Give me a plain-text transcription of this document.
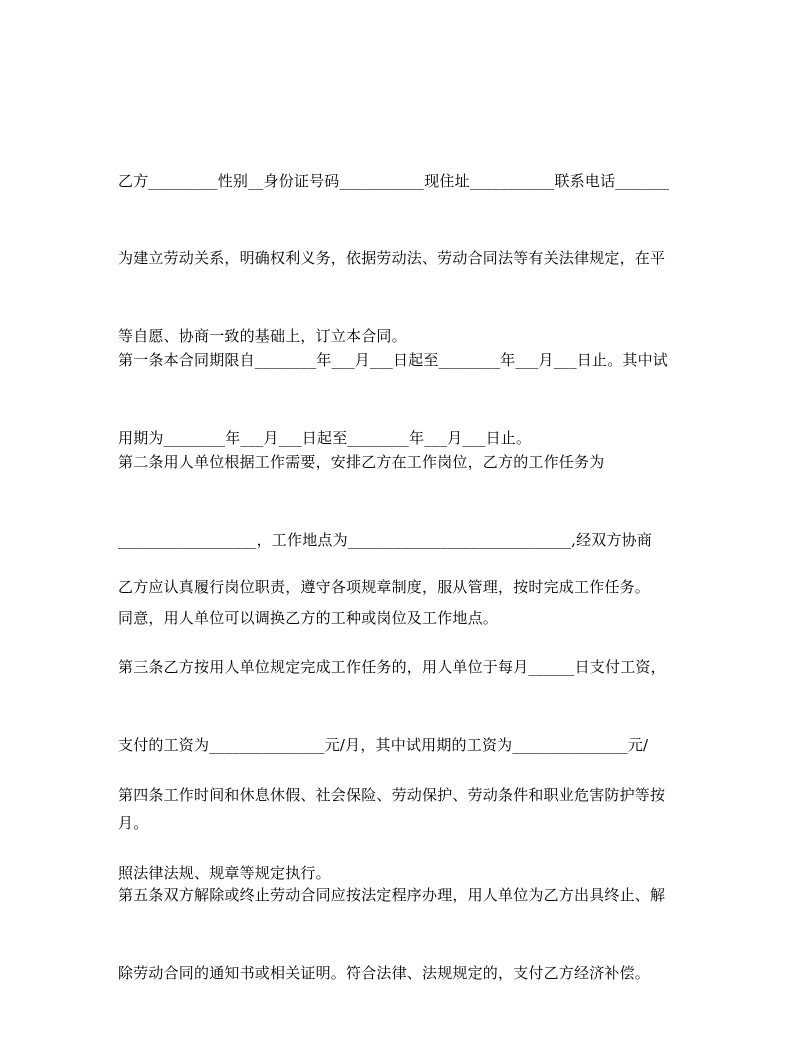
乙方_________性别__身份证号码___________现住址___________联系电话_______

为建立劳动关系，明确权利义务，依据劳动法、劳动合同法等有关法律规定，在平

等自愿、协商一致的基础上，订立本合同。

第一条本合同期限自________年___月___日起至________年___月___日止。其中试

用期为________年___月___日起至________年___月___日止。

第二条用人单位根据工作需要，安排乙方在工作岗位，乙方的工作任务为

__________________，工作地点为_____________________________,经双方协商

同意，用人单位可以调换乙方的工种或岗位及工作地点。

乙方应认真履行岗位职责，遵守各项规章制度，服从管理，按时完成工作任务。

第三条乙方按用人单位规定完成工作任务的，用人单位于每月______日支付工资，

支付的工资为_______________元/月，其中试用期的工资为_______________元/

月。

第四条工作时间和休息休假、社会保险、劳动保护、劳动条件和职业危害防护等按

照法律法规、规章等规定执行。

第五条双方解除或终止劳动合同应按法定程序办理，用人单位为乙方出具终止、解

除劳动合同的通知书或相关证明。符合法律、法规规定的，支付乙方经济补偿。
